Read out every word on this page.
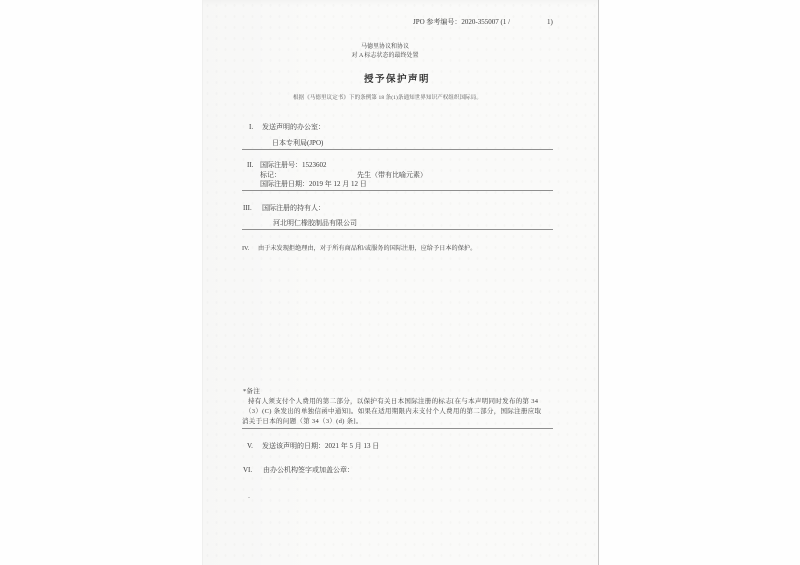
JPO 参考编号：2020-355007 (1 /	1)
马德里协议和协议
对 A 标志状态的最终处置
授予保护声明
根据《马德里议定书》下的条例第 18 条(1)条通知世界知识产权组织国际局。
I. 发送声明的办公室：
日本专利局(JPO)
II. 国际注册号：1523602
标记：	先生（带有比喻元素）
国际注册日期：2019 年 12 月 12 日
III. 国际注册的持有人：
河北明仁橡胶制品有限公司
IV. 由于未发现拒绝理由，对于所有商品和/或服务的国际注册，应给予日本的保护。
*备注
持有人须支付个人费用的第二部分，以保护有关日本国际注册的标志[在与本声明同时发布的第 34
（3）(C) 条发出的单独信函中通知]。如果在适用期限内未支付个人费用的第二部分，国际注册应取
消关于日本的问题（第 34（3）(d) 条]。
V. 发送该声明的日期：2021 年 5 月 13 日
VI. 由办公机构签字或加盖公章：
